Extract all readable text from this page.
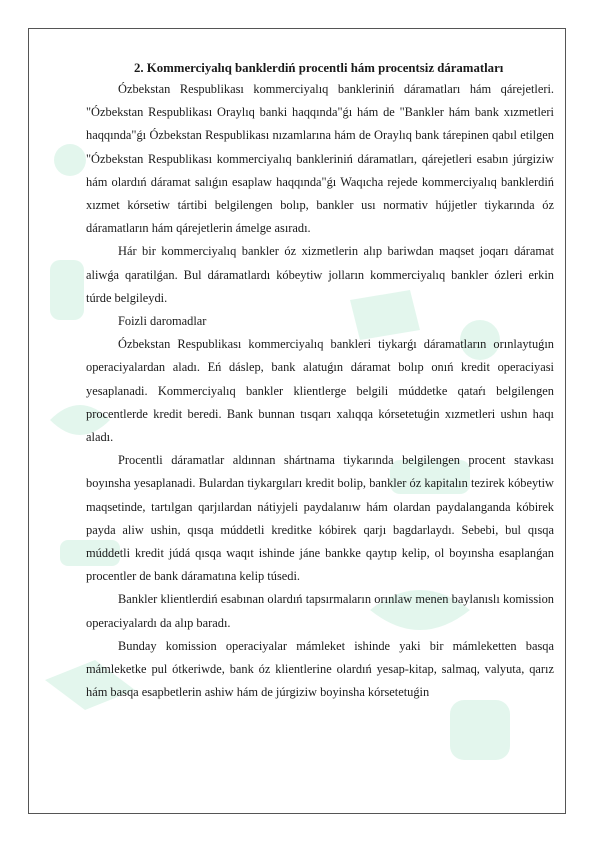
2. Kommerciyalıq banklerdiń procentli hám procentsiz dáramatları

Ózbekstan Respublikası kommerciyalıq bankleriniń dáramatları hám qárejetleri. "Ózbekstan Respublikası Oraylıq banki haqqında"ǵı hám de "Bankler hám bank xızmetleri haqqında"ǵı Ózbekstan Respublikası nızamlarına hám de Oraylıq bank tárepinen qabıl etilgen "Ózbekstan Respublikası kommerciyalıq bankleriniń dáramatları, qárejetleri esabın júrgiziw hám olardıń dáramat salıǵın esaplaw haqqında"ǵı Waqıcha rejede kommerciyalıq banklerdiń xızmet kórsetiw tártibi belgilengen bolıp, bankler usı normativ hújjetler tiykarında óz dáramatların hám qárejetlerin ámelge asıradı.

Hár bir kommerciyalıq bankler óz xizmetlerin alıp bariwdan maqset joqarı dáramat aliwǵa qaratilǵan. Bul dáramatlardı kóbeytiw jolların kommerciyalıq bankler ózleri erkin túrde belgileydi.

Foizli daromadlar

Ózbekstan Respublikası kommerciyalıq bankleri tiykarǵı dáramatların orınlaytuǵın operaciyalardan aladı. Eń dáslep, bank alatuǵın dáramat bolıp onıń kredit operaciyasi yesaplanadi. Kommerciyalıq bankler klientlerge belgili múddetke qataŕı belgilengen procentlerde kredit beredi. Bank bunnan tısqarı xalıqqa kórsetetuǵin xızmetleri ushın haqı aladı.

Procentli dáramatlar aldınnan shártnama tiykarında belgilengen procent stavkası boyınsha yesaplanadi. Bulardan tiykargıları kredit bolip, bankler óz kapitalın tezirek kóbeytiw maqsetinde, tartılgan qarjılardan nátiyjeli paydalanıw hám olardan paydalanganda kóbirek payda aliw ushin, qısqa múddetli kreditke kóbirek qarjı bagdarlaydı. Sebebi, bul qısqa múddetli kredit júdá qısqa waqıt ishinde jáne bankke qaytıp kelip, ol boyınsha esaplanǵan procentler de bank dáramatına kelip túsedi.

Bankler klientlerdiń esabınan olardıń tapsırmaların orınlaw menen baylanıslı komission operaciyalardı da alıp baradı.

Bunday komission operaciyalar mámleket ishinde yaki bir mámleketten basqa mámleketke pul ótkeriwde, bank óz klientlerine olardıń yesap-kitap, salmaq, valyuta, qarız hám basqa esapbetlerin ashiw hám de júrgiziw boyinsha kórsetetuǵin
